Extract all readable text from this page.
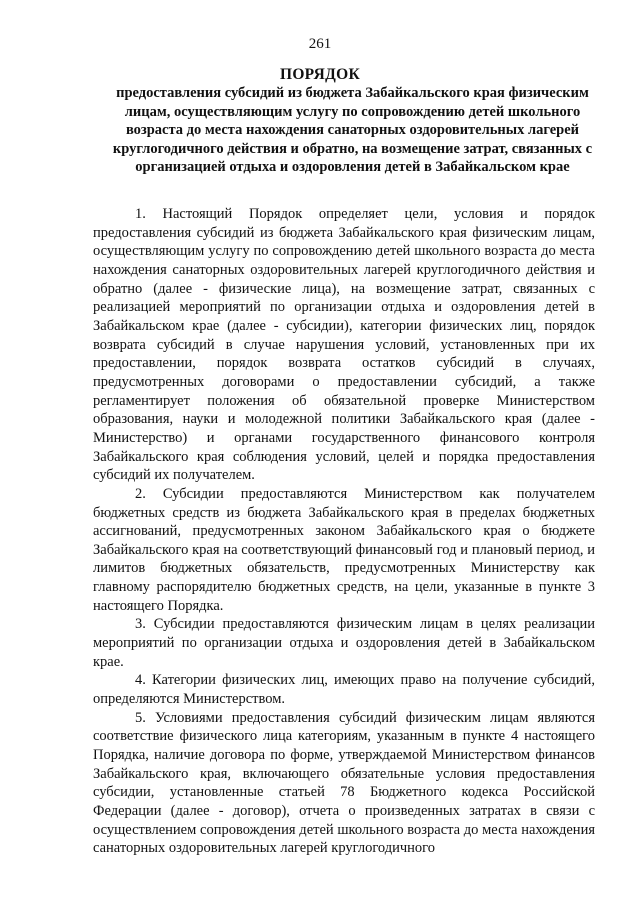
261
ПОРЯДОК
предоставления субсидий из бюджета Забайкальского края физическим лицам, осуществляющим услугу по сопровождению детей школьного возраста до места нахождения санаторных оздоровительных лагерей круглогодичного действия и обратно, на возмещение затрат, связанных с организацией отдыха и оздоровления детей в Забайкальском крае

1. Настоящий Порядок определяет цели, условия и порядок предоставления субсидий из бюджета Забайкальского края физическим лицам, осуществляющим услугу по сопровождению детей школьного возраста до места нахождения санаторных оздоровительных лагерей круглогодичного действия и обратно (далее - физические лица), на возмещение затрат, связанных с реализацией мероприятий по организации отдыха и оздоровления детей в Забайкальском крае (далее - субсидии), категории физических лиц, порядок возврата субсидий в случае нарушения условий, установленных при их предоставлении, порядок возврата остатков субсидий в случаях, предусмотренных договорами о предоставлении субсидий, а также регламентирует положения об обязательной проверке Министерством образования, науки и молодежной политики Забайкальского края (далее - Министерство) и органами государственного финансового контроля Забайкальского края соблюдения условий, целей и порядка предоставления субсидий их получателем.

2. Субсидии предоставляются Министерством как получателем бюджетных средств из бюджета Забайкальского края в пределах бюджетных ассигнований, предусмотренных законом Забайкальского края о бюджете Забайкальского края на соответствующий финансовый год и плановый период, и лимитов бюджетных обязательств, предусмотренных Министерству как главному распорядителю бюджетных средств, на цели, указанные в пункте 3 настоящего Порядка.

3. Субсидии предоставляются физическим лицам в целях реализации мероприятий по организации отдыха и оздоровления детей в Забайкальском крае.

4. Категории физических лиц, имеющих право на получение субсидий, определяются Министерством.

5. Условиями предоставления субсидий физическим лицам являются соответствие физического лица категориям, указанным в пункте 4 настоящего Порядка, наличие договора по форме, утверждаемой Министерством финансов Забайкальского края, включающего обязательные условия предоставления субсидии, установленные статьей 78 Бюджетного кодекса Российской Федерации (далее - договор), отчета о произведенных затратах в связи с осуществлением сопровождения детей школьного возраста до места нахождения санаторных оздоровительных лагерей круглогодичного
